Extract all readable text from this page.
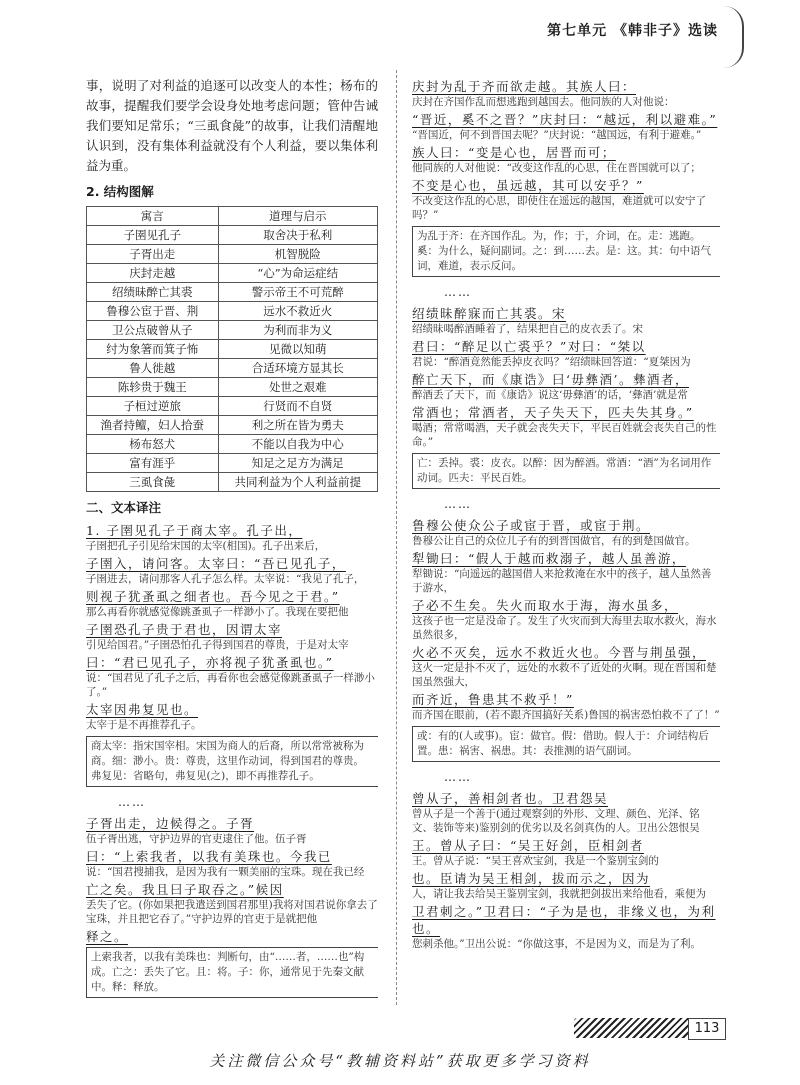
第七单元 《韩非子》选读

事，说明了对利益的追逐可以改变人的本性；杨布的故事，提醒我们要学会设身处地考虑问题；管仲告诫我们要知足常乐；“三虱食彘”的故事，让我们清醒地认识到，没有集体利益就没有个人利益，要以集体利益为重。

2. 结构图解
寓言	道理与启示
子圉见孔子	取舍决于私利
子胥出走	机智脱险
庆封走越	“心”为命运症结
绍绩昧醉亡其裘	警示帝王不可荒醉
鲁穆公宦于晋、荆	远水不救近火
卫公点破曾从子	为利而非为义
纣为象箸而箕子怖	见微以知萌
鲁人徙越	合适环境方显其长
陈轸贵于魏王	处世之艰难
子桓过逆旅	行贤而不自贤
渔者持鳣，妇人拾蚕	利之所在皆为勇夫
杨布怒犬	不能以自我为中心
富有涯乎	知足之足方为满足
三虱食彘	共同利益为个人利益前提
二、文本译注
1. 子圉见孔子于商太宰。孔子出，
子圉把孔子引见给宋国的太宰(相国)。孔子出来后，
子圉入，请问客。太宰曰：“吾已见孔子，
子圉进去，请问那客人孔子怎么样。太宰说：“我见了孔子，
则视子犹蚤虱之细者也。吾今见之于君。”
那么再看你就感觉像跳蚤虱子一样渺小了。我现在要把他
子圉恐孔子贵于君也，因谓太宰
引见给国君。”子圉恐怕孔子得到国君的尊贵，于是对太宰
曰：“君已见孔子，亦将视子犹蚤虱也。”
说：“国君见了孔子之后，再看你也会感觉像跳蚤虱子一样渺小了。”
太宰因弗复见也。
太宰于是不再推荐孔子。
商太宰：指宋国宰相。宋国为商人的后裔，所以常常被称为商。细：渺小。贵：尊贵，这里作动词，得到国君的尊贵。弗复见：省略句，弗复见(之)，即不再推荐孔子。
……
子胥出走，边候得之。子胥
伍子胥出逃，守护边界的官吏逮住了他。伍子胥
曰：“上索我者，以我有美珠也。今我已
说：“国君搜捕我，是因为我有一颗美丽的宝珠。现在我已经
亡之矣。我且曰子取吞之。”候因
丢失了它。(你如果把我遣送到国君那里)我将对国君说你拿去了宝珠，并且把它吞了。”守护边界的官吏于是就把他
释之。
上索我者，以我有美珠也：判断句，由“……者，……也”构成。亡之：丢失了它。且：将。子：你，通常见于先秦文献中。释：释放。
庆封为乱于齐而欲走越。其族人曰：
庆封在齐国作乱而想逃跑到越国去。他同族的人对他说：
“晋近，奚不之晋？”庆封曰：“越远，利以避难。”
“晋国近，何不到晋国去呢？”庆封说：“越国远，有利于避难。”
族人曰：“变是心也，居晋而可；
他同族的人对他说：“改变这作乱的心思，住在晋国就可以了；
不变是心也，虽远越，其可以安乎？”
不改变这作乱的心思，即使住在遥远的越国，难道就可以安宁了吗？”
为乱于齐：在齐国作乱。为，作；于，介词，在。走：逃跑。奚：为什么，疑问副词。之：到……去。是：这。其：句中语气词，难道，表示反问。
……
绍绩昧醉寐而亡其裘。宋
绍绩昧喝醉酒睡着了，结果把自己的皮衣丢了。宋
君曰：“醉足以亡裘乎？”对曰：“桀以
君说：“醉酒竟然能丢掉皮衣吗？”绍绩昧回答道：“夏桀因为
醉亡天下，而《康诰》曰‘毋彝酒’。彝酒者，
醉酒丢了天下，而《康诰》说这‘毋彝酒’的话，‘彝酒’就是常
常酒也；常酒者，天子失天下，匹夫失其身。”
喝酒；常常喝酒，天子就会丧失天下，平民百姓就会丧失自己的性命。”
亡：丢掉。裘：皮衣。以醉：因为醉酒。常酒：“酒”为名词用作动词。匹夫：平民百姓。
……
鲁穆公使众公子或宦于晋，或宦于荆。
鲁穆公让自己的众位儿子有的到晋国做官，有的到楚国做官。
犁锄曰：“假人于越而救溺子，越人虽善游，
犁锄说：“向遥远的越国借人来抢救淹在水中的孩子，越人虽然善于游水，
子必不生矣。失火而取水于海，海水虽多，
这孩子也一定是没命了。发生了火灾而到大海里去取水救火，海水虽然很多，
火必不灭矣，远水不救近火也。今晋与荆虽强，
这火一定是扑不灭了，远处的水救不了近处的火啊。现在晋国和楚国虽然强大，
而齐近，鲁患其不救乎！”
而齐国在眼前，(若不跟齐国搞好关系)鲁国的祸害恐怕救不了了！”
或：有的(人或事)。宦：做官。假：借助。假人于：介词结构后置。患：祸害、祸患。其：表推测的语气副词。
……
曾从子，善相剑者也。卫君怨吴
曾从子是一个善于(通过观察剑的外形、文理、颜色、光泽、铭文、装饰等来)鉴别剑的优劣以及名剑真伪的人。卫出公怨恨吴
王。曾从子曰：“吴王好剑，臣相剑者
王。曾从子说：“吴王喜欢宝剑，我是一个鉴别宝剑的
也。臣请为吴王相剑，拔而示之，因为
人，请让我去给吴王鉴别宝剑，我就把剑拔出来给他看，乘便为
卫君刺之。”卫君曰：“子为是也，非缘义也，为利也。
您刺杀他。”卫出公说：“你做这事，不是因为义，而是为了利。
113
关注微信公众号“教辅资料站”获取更多学习资料
